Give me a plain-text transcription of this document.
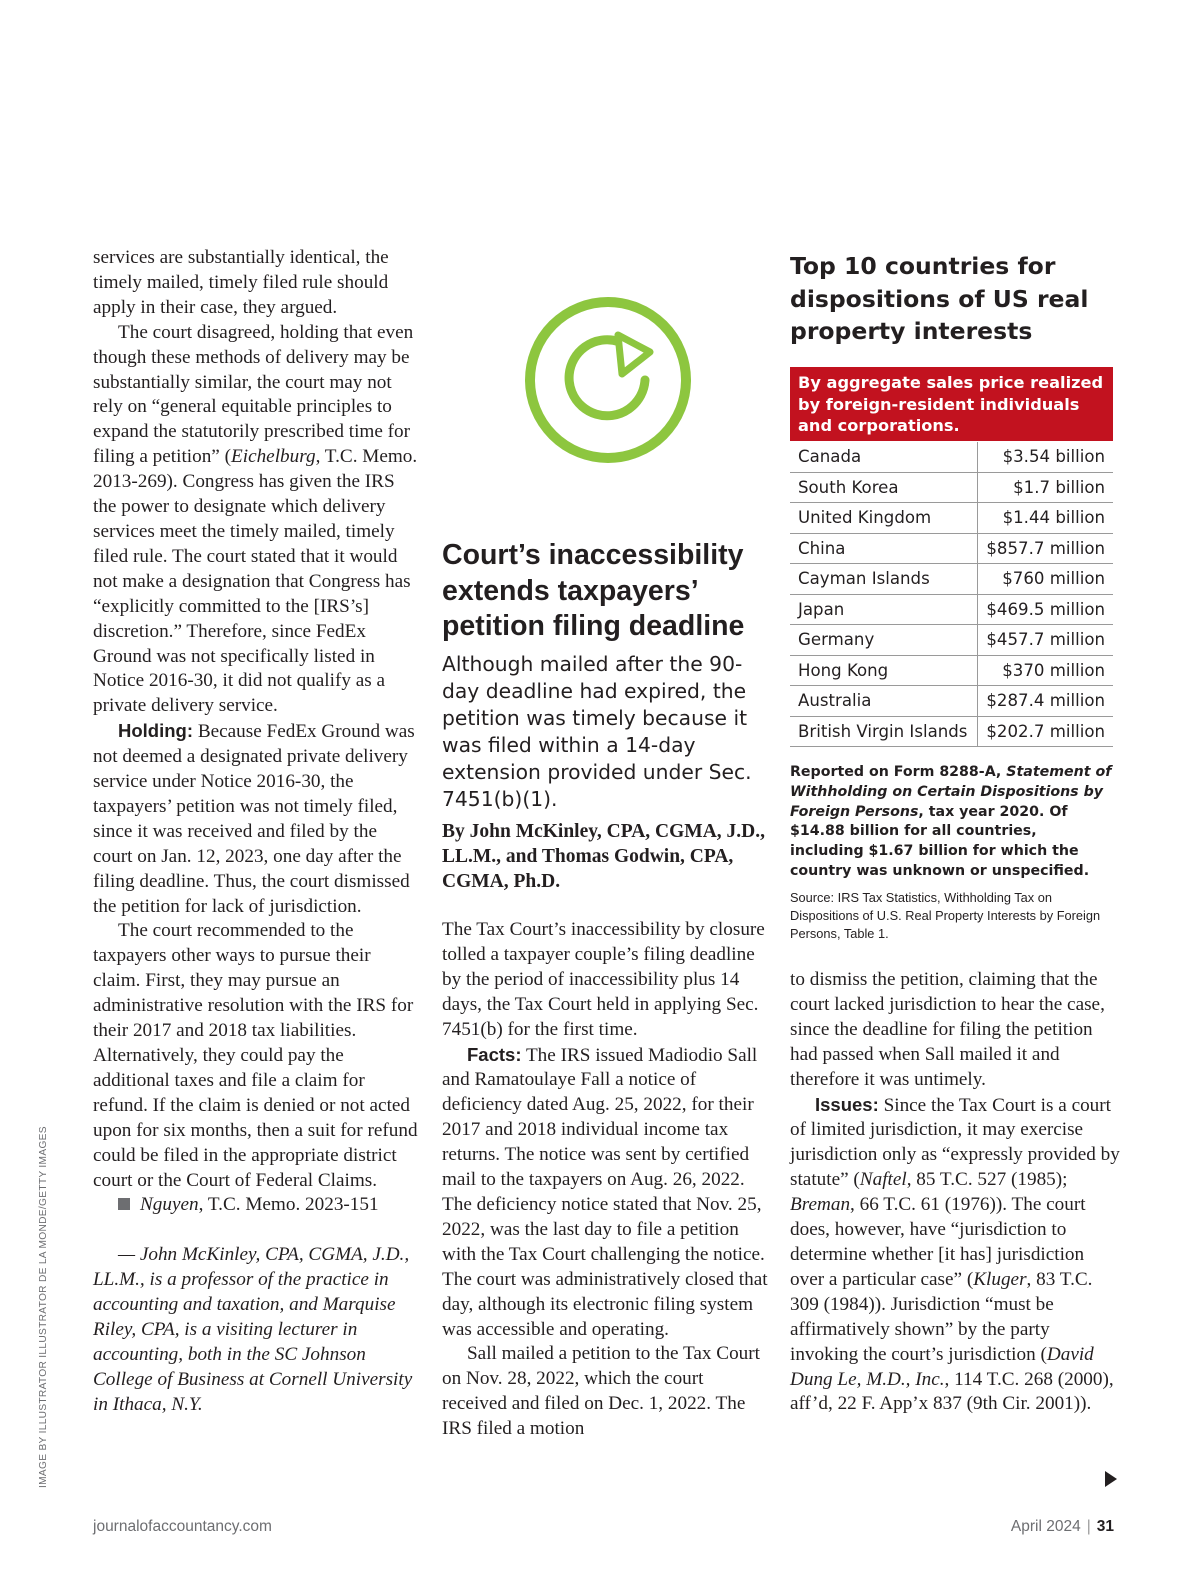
services are substantially identical, the timely mailed, timely filed rule should apply in their case, they argued.

The court disagreed, holding that even though these methods of delivery may be substantially similar, the court may not rely on “general equitable principles to expand the statutorily prescribed time for filing a petition” (Eichelburg, T.C. Memo. 2013-269). Congress has given the IRS the power to designate which delivery services meet the timely mailed, timely filed rule. The court stated that it would not make a designation that Congress has “explicitly committed to the [IRS’s] discretion.” Therefore, since FedEx Ground was not specifically listed in Notice 2016-30, it did not qualify as a private delivery service.

Holding: Because FedEx Ground was not deemed a designated private delivery service under Notice 2016-30, the taxpayers’ petition was not timely filed, since it was received and filed by the court on Jan. 12, 2023, one day after the filing deadline. Thus, the court dismissed the petition for lack of jurisdiction.

The court recommended to the taxpayers other ways to pursue their claim. First, they may pursue an administrative resolution with the IRS for their 2017 and 2018 tax liabilities. Alternatively, they could pay the additional taxes and file a claim for refund. If the claim is denied or not acted upon for six months, then a suit for refund could be filed in the appropriate district court or the Court of Federal Claims.

Nguyen, T.C. Memo. 2023-151

— John McKinley, CPA, CGMA, J.D., LL.M., is a professor of the practice in accounting and taxation, and Marquise Riley, CPA, is a visiting lecturer in accounting, both in the SC Johnson College of Business at Cornell University in Ithaca, N.Y.

Court’s inaccessibility extends taxpayers’ petition filing deadline

Although mailed after the 90-day deadline had expired, the petition was timely because it was filed within a 14-day extension provided under Sec. 7451(b)(1).

By John McKinley, CPA, CGMA, J.D., LL.M., and Thomas Godwin, CPA, CGMA, Ph.D.

The Tax Court’s inaccessibility by closure tolled a taxpayer couple’s filing deadline by the period of inaccessibility plus 14 days, the Tax Court held in applying Sec. 7451(b) for the first time.

Facts: The IRS issued Madiodio Sall and Ramatoulaye Fall a notice of deficiency dated Aug. 25, 2022, for their 2017 and 2018 individual income tax returns. The notice was sent by certified mail to the taxpayers on Aug. 26, 2022. The deficiency notice stated that Nov. 25, 2022, was the last day to file a petition with the Tax Court challenging the notice. The court was administratively closed that day, although its electronic filing system was accessible and operating.

Sall mailed a petition to the Tax Court on Nov. 28, 2022, which the court received and filed on Dec. 1, 2022. The IRS filed a motion

Top 10 countries for dispositions of US real property interests
By aggregate sales price realized by foreign-resident individuals and corporations.
Canada	$3.54 billion
South Korea	$1.7 billion
United Kingdom	$1.44 billion
China	$857.7 million
Cayman Islands	$760 million
Japan	$469.5 million
Germany	$457.7 million
Hong Kong	$370 million
Australia	$287.4 million
British Virgin Islands	$202.7 million

Reported on Form 8288-A, Statement of Withholding on Certain Dispositions by Foreign Persons, tax year 2020. Of $14.88 billion for all countries, including $1.67 billion for which the country was unknown or unspecified.

Source: IRS Tax Statistics, Withholding Tax on Dispositions of U.S. Real Property Interests by Foreign Persons, Table 1.

to dismiss the petition, claiming that the court lacked jurisdiction to hear the case, since the deadline for filing the petition had passed when Sall mailed it and therefore it was untimely.

Issues: Since the Tax Court is a court of limited jurisdiction, it may exercise jurisdiction only as “expressly provided by statute” (Naftel, 85 T.C. 527 (1985); Breman, 66 T.C. 61 (1976)). The court does, however, have “jurisdiction to determine whether [it has] jurisdiction over a particular case” (Kluger, 83 T.C. 309 (1984)). Jurisdiction “must be affirmatively shown” by the party invoking the court’s jurisdiction (David Dung Le, M.D., Inc., 114 T.C. 268 (2000), aff’d, 22 F. App’x 837 (9th Cir. 2001)).

IMAGE BY ILLUSTRATOR ILLUSTRATOR DE LA MONDE/GETTY IMAGES
journalofaccountancy.com	April 2024 | 31
